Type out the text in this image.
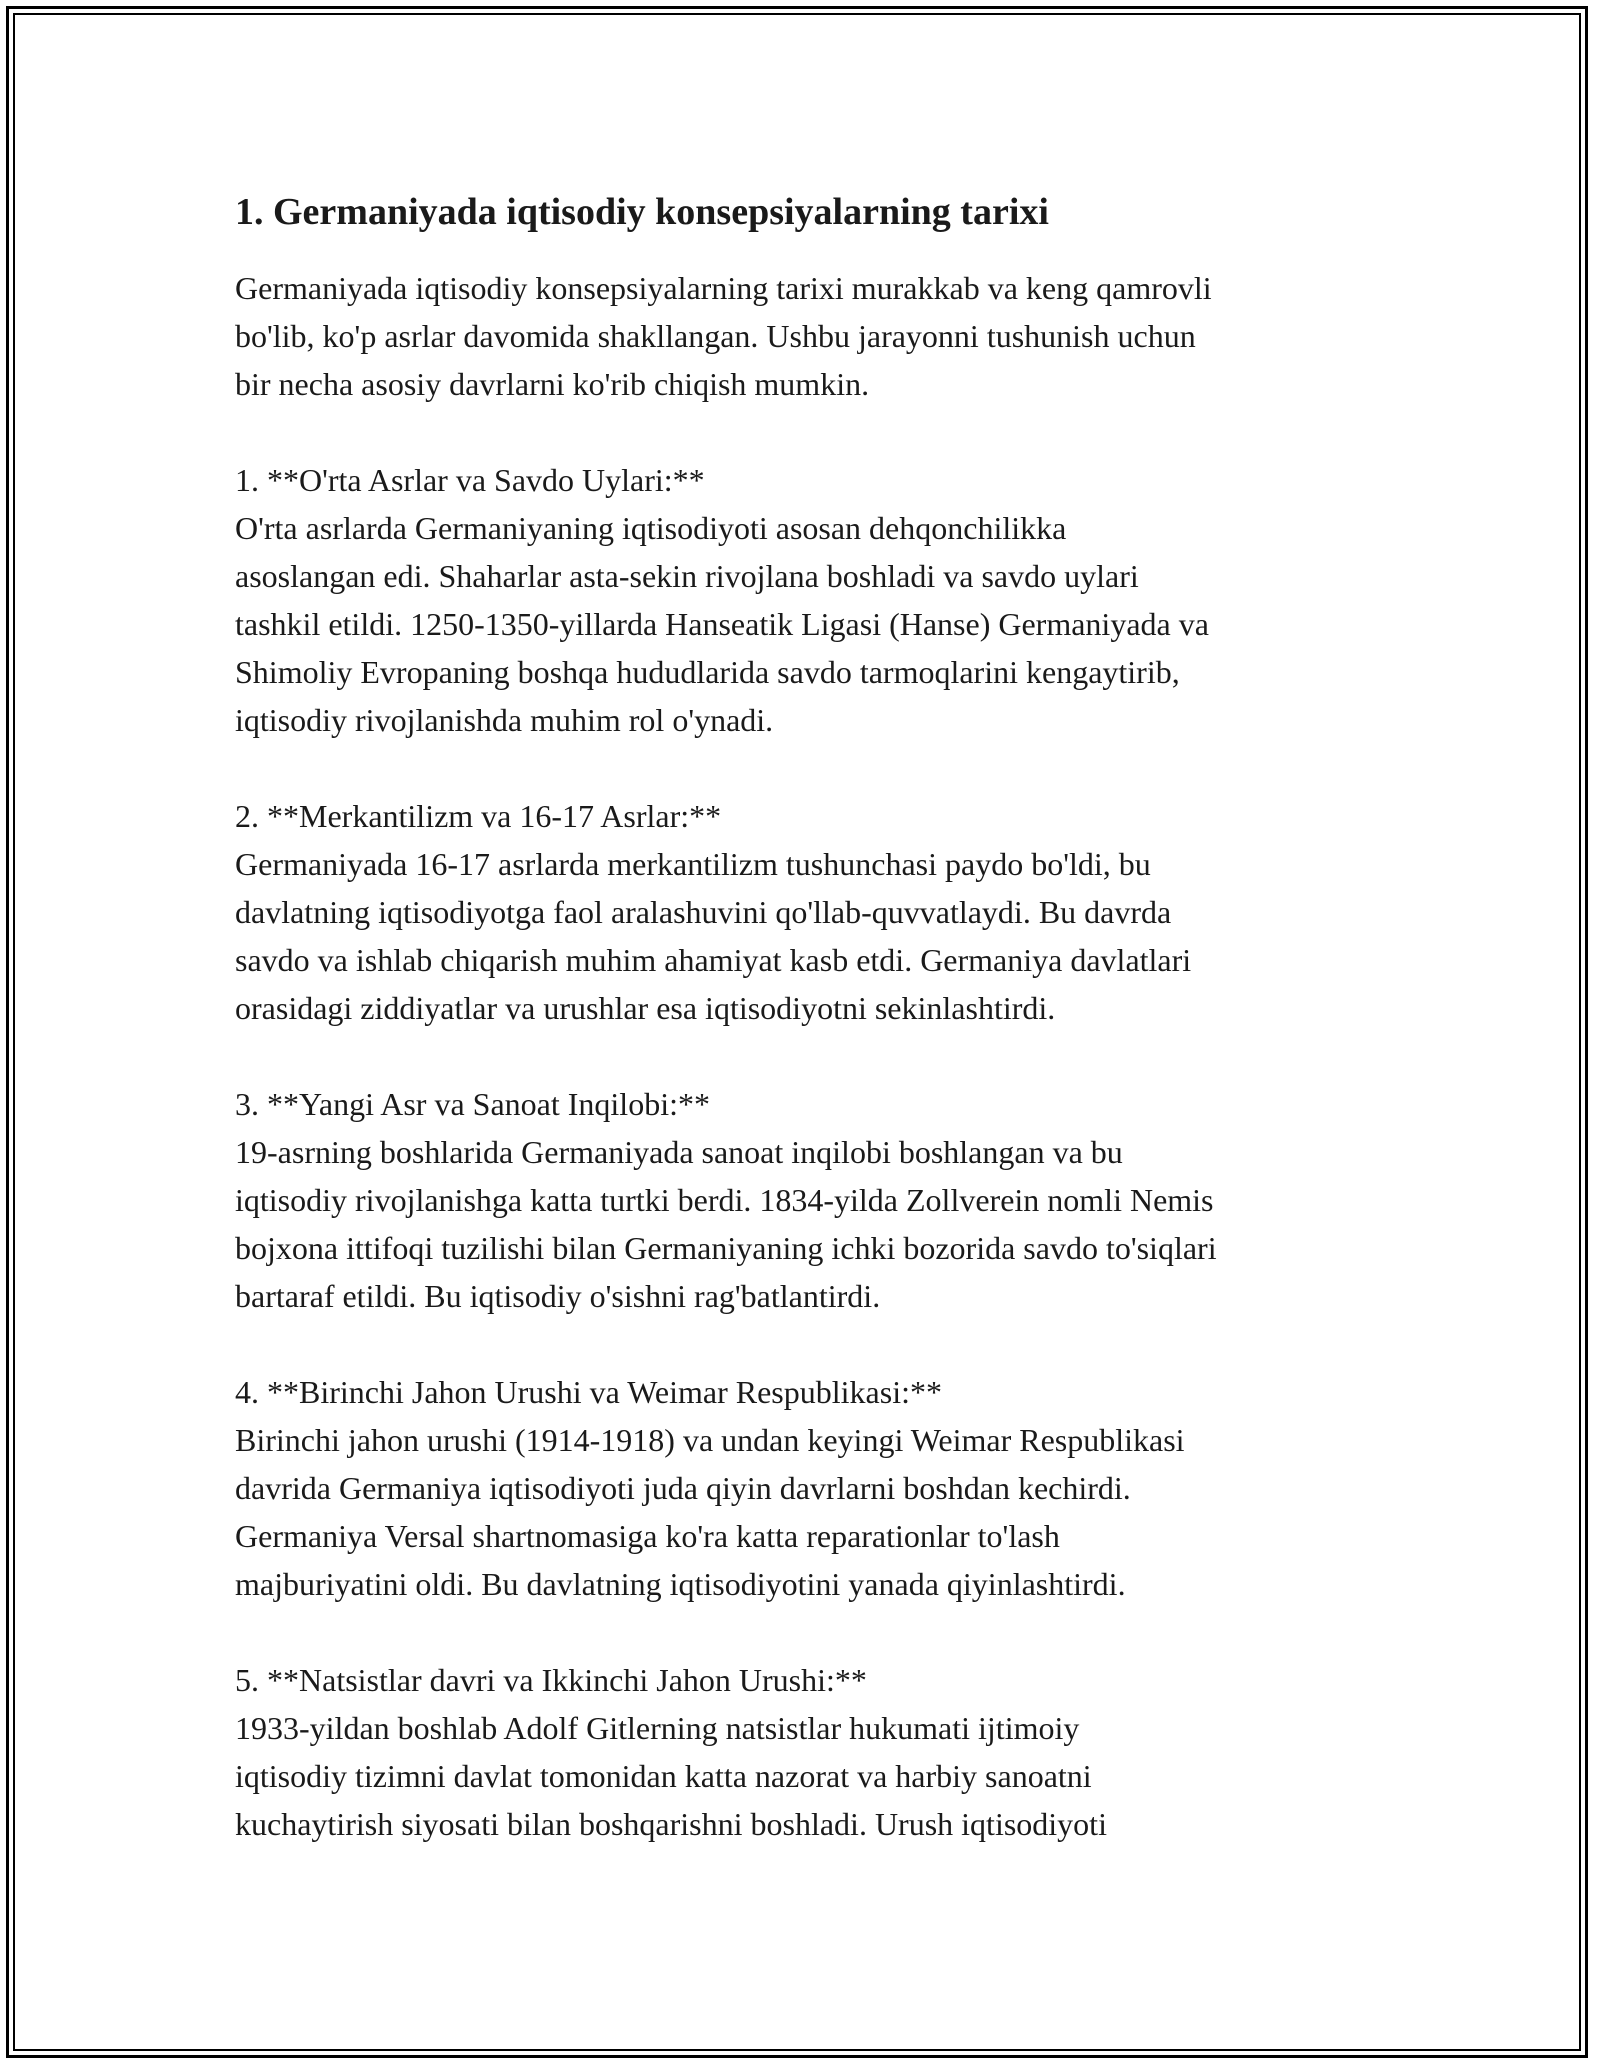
1. Germaniyada iqtisodiy konsepsiyalarning tarixi

Germaniyada iqtisodiy konsepsiyalarning tarixi murakkab va keng qamrovli
bo'lib, ko'p asrlar davomida shakllangan. Ushbu jarayonni tushunish uchun
bir necha asosiy davrlarni ko'rib chiqish mumkin.

1. **O'rta Asrlar va Savdo Uylari:**

O'rta asrlarda Germaniyaning iqtisodiyoti asosan dehqonchilikka
asoslangan edi. Shaharlar asta-sekin rivojlana boshladi va savdo uylari
tashkil etildi. 1250-1350-yillarda Hanseatik Ligasi (Hanse) Germaniyada va
Shimoliy Evropaning boshqa hududlarida savdo tarmoqlarini kengaytirib,
iqtisodiy rivojlanishda muhim rol o'ynadi.

2. **Merkantilizm va 16-17 Asrlar:**

Germaniyada 16-17 asrlarda merkantilizm tushunchasi paydo bo'ldi, bu
davlatning iqtisodiyotga faol aralashuvini qo'llab-quvvatlaydi. Bu davrda
savdo va ishlab chiqarish muhim ahamiyat kasb etdi. Germaniya davlatlari
orasidagi ziddiyatlar va urushlar esa iqtisodiyotni sekinlashtirdi.

3. **Yangi Asr va Sanoat Inqilobi:**

19-asrning boshlarida Germaniyada sanoat inqilobi boshlangan va bu
iqtisodiy rivojlanishga katta turtki berdi. 1834-yilda Zollverein nomli Nemis
bojxona ittifoqi tuzilishi bilan Germaniyaning ichki bozorida savdo to'siqlari
bartaraf etildi. Bu iqtisodiy o'sishni rag'batlantirdi.

4. **Birinchi Jahon Urushi va Weimar Respublikasi:**

Birinchi jahon urushi (1914-1918) va undan keyingi Weimar Respublikasi
davrida Germaniya iqtisodiyoti juda qiyin davrlarni boshdan kechirdi.
Germaniya Versal shartnomasiga ko'ra katta reparationlar to'lash
majburiyatini oldi. Bu davlatning iqtisodiyotini yanada qiyinlashtirdi.

5. **Natsistlar davri va Ikkinchi Jahon Urushi:**

1933-yildan boshlab Adolf Gitlerning natsistlar hukumati ijtimoiy
iqtisodiy tizimni davlat tomonidan katta nazorat va harbiy sanoatni
kuchaytirish siyosati bilan boshqarishni boshladi. Urush iqtisodiyoti
